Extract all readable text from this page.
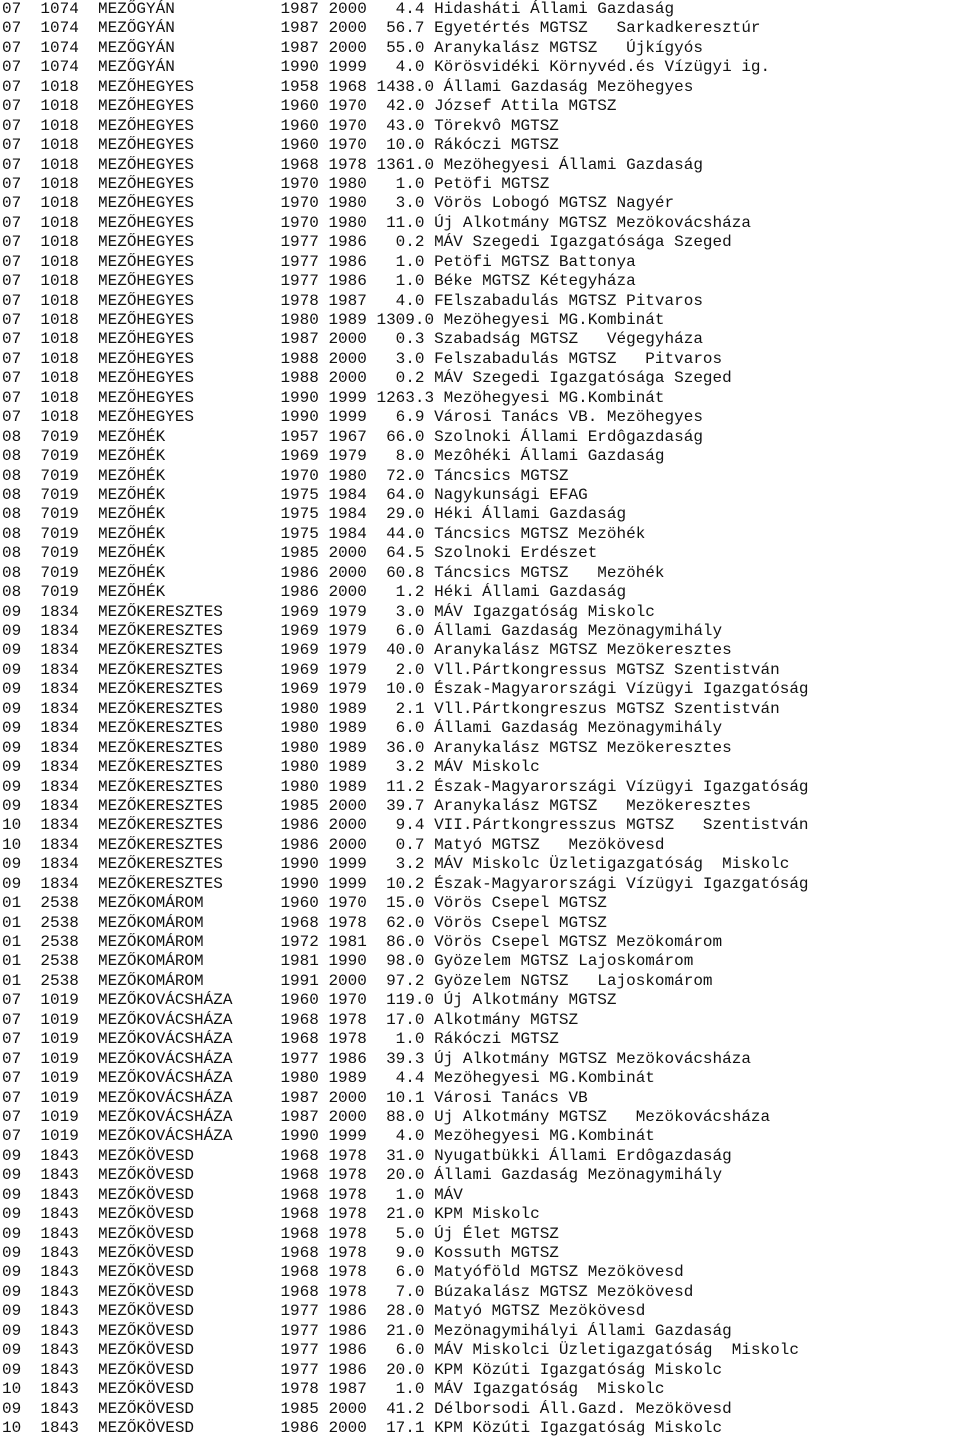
07  1074  MEZŐGYÁN           1987 2000   4.4 Hidasháti Állami Gazdaság
07  1074  MEZŐGYÁN           1987 2000  56.7 Egyetértés MGTSZ   Sarkadkeresztúr
07  1074  MEZŐGYÁN           1987 2000  55.0 Aranykalász MGTSZ   Újkígyós
07  1074  MEZŐGYÁN           1990 1999   4.0 Körösvidéki Környvéd.és Vízügyi ig.
07  1018  MEZŐHEGYES         1958 1968 1438.0 Állami Gazdaság Mezöhegyes
07  1018  MEZŐHEGYES         1960 1970  42.0 József Attila MGTSZ
07  1018  MEZŐHEGYES         1960 1970  43.0 Törekvô MGTSZ
07  1018  MEZŐHEGYES         1960 1970  10.0 Rákóczi MGTSZ
07  1018  MEZŐHEGYES         1968 1978 1361.0 Mezöhegyesi Állami Gazdaság
07  1018  MEZŐHEGYES         1970 1980   1.0 Petöfi MGTSZ
07  1018  MEZŐHEGYES         1970 1980   3.0 Vörös Lobogó MGTSZ Nagyér
07  1018  MEZŐHEGYES         1970 1980  11.0 Új Alkotmány MGTSZ Mezökovácsháza
07  1018  MEZŐHEGYES         1977 1986   0.2 MÁV Szegedi Igazgatósága Szeged
07  1018  MEZŐHEGYES         1977 1986   1.0 Petöfi MGTSZ Battonya
07  1018  MEZŐHEGYES         1977 1986   1.0 Béke MGTSZ Kétegyháza
07  1018  MEZŐHEGYES         1978 1987   4.0 FElszabadulás MGTSZ Pitvaros
07  1018  MEZŐHEGYES         1980 1989 1309.0 Mezöhegyesi MG.Kombinát
07  1018  MEZŐHEGYES         1987 2000   0.3 Szabadság MGTSZ   Végegyháza
07  1018  MEZŐHEGYES         1988 2000   3.0 Felszabadulás MGTSZ   Pitvaros
07  1018  MEZŐHEGYES         1988 2000   0.2 MÁV Szegedi Igazgatósága Szeged
07  1018  MEZŐHEGYES         1990 1999 1263.3 Mezöhegyesi MG.Kombinát
07  1018  MEZŐHEGYES         1990 1999   6.9 Városi Tanács VB. Mezöhegyes
08  7019  MEZŐHÉK            1957 1967  66.0 Szolnoki Állami Erdôgazdaság
08  7019  MEZŐHÉK            1969 1979   8.0 Mezôhéki Állami Gazdaság
08  7019  MEZŐHÉK            1970 1980  72.0 Táncsics MGTSZ
08  7019  MEZŐHÉK            1975 1984  64.0 Nagykunsági EFAG
08  7019  MEZŐHÉK            1975 1984  29.0 Héki Állami Gazdaság
08  7019  MEZŐHÉK            1975 1984  44.0 Táncsics MGTSZ Mezöhék
08  7019  MEZŐHÉK            1985 2000  64.5 Szolnoki Erdészet
08  7019  MEZŐHÉK            1986 2000  60.8 Táncsics MGTSZ   Mezöhék
08  7019  MEZŐHÉK            1986 2000   1.2 Héki Állami Gazdaság
09  1834  MEZŐKERESZTES      1969 1979   3.0 MÁV Igazgatóság Miskolc
09  1834  MEZŐKERESZTES      1969 1979   6.0 Állami Gazdaság Mezönagymihály
09  1834  MEZŐKERESZTES      1969 1979  40.0 Aranykalász MGTSZ Mezökeresztes
09  1834  MEZŐKERESZTES      1969 1979   2.0 Vll.Pártkongressus MGTSZ Szentistván
09  1834  MEZŐKERESZTES      1969 1979  10.0 Észak-Magyarországi Vízügyi Igazgatóság
09  1834  MEZŐKERESZTES      1980 1989   2.1 Vll.Pártkongreszus MGTSZ Szentistván
09  1834  MEZŐKERESZTES      1980 1989   6.0 Állami Gazdaság Mezönagymihály
09  1834  MEZŐKERESZTES      1980 1989  36.0 Aranykalász MGTSZ Mezökeresztes
09  1834  MEZŐKERESZTES      1980 1989   3.2 MÁV Miskolc
09  1834  MEZŐKERESZTES      1980 1989  11.2 Észak-Magyarországi Vízügyi Igazgatóság
09  1834  MEZŐKERESZTES      1985 2000  39.7 Aranykalász MGTSZ   Mezökeresztes
10  1834  MEZŐKERESZTES      1986 2000   9.4 VII.Pártkongresszus MGTSZ   Szentistván
10  1834  MEZŐKERESZTES      1986 2000   0.7 Matyó MGTSZ   Mezökövesd
09  1834  MEZŐKERESZTES      1990 1999   3.2 MÁV Miskolc Üzletigazgatóság  Miskolc
09  1834  MEZŐKERESZTES      1990 1999  10.2 Észak-Magyarországi Vízügyi Igazgatóság
01  2538  MEZŐKOMÁROM        1960 1970  15.0 Vörös Csepel MGTSZ
01  2538  MEZŐKOMÁROM        1968 1978  62.0 Vörös Csepel MGTSZ
01  2538  MEZŐKOMÁROM        1972 1981  86.0 Vörös Csepel MGTSZ Mezökomárom
01  2538  MEZŐKOMÁROM        1981 1990  98.0 Gyözelem MGTSZ Lajoskomárom
01  2538  MEZŐKOMÁROM        1991 2000  97.2 Gyözelem NGTSZ   Lajoskomárom
07  1019  MEZŐKOVÁCSHÁZA     1960 1970  119.0 Új Alkotmány MGTSZ
07  1019  MEZŐKOVÁCSHÁZA     1968 1978  17.0 Alkotmány MGTSZ
07  1019  MEZŐKOVÁCSHÁZA     1968 1978   1.0 Rákóczi MGTSZ
07  1019  MEZŐKOVÁCSHÁZA     1977 1986  39.3 Új Alkotmány MGTSZ Mezökovácsháza
07  1019  MEZŐKOVÁCSHÁZA     1980 1989   4.4 Mezöhegyesi MG.Kombinát
07  1019  MEZŐKOVÁCSHÁZA     1987 2000  10.1 Városi Tanács VB
07  1019  MEZŐKOVÁCSHÁZA     1987 2000  88.0 Uj Alkotmány MGTSZ   Mezökovácsháza
07  1019  MEZŐKOVÁCSHÁZA     1990 1999   4.0 Mezöhegyesi MG.Kombinát
09  1843  MEZŐKÖVESD         1968 1978  31.0 Nyugatbükki Állami Erdôgazdaság
09  1843  MEZŐKÖVESD         1968 1978  20.0 Állami Gazdaság Mezönagymihály
09  1843  MEZŐKÖVESD         1968 1978   1.0 MÁV
09  1843  MEZŐKÖVESD         1968 1978  21.0 KPM Miskolc
09  1843  MEZŐKÖVESD         1968 1978   5.0 Új Élet MGTSZ
09  1843  MEZŐKÖVESD         1968 1978   9.0 Kossuth MGTSZ
09  1843  MEZŐKÖVESD         1968 1978   6.0 Matyóföld MGTSZ Mezökövesd
09  1843  MEZŐKÖVESD         1968 1978   7.0 Búzakalász MGTSZ Mezökövesd
09  1843  MEZŐKÖVESD         1977 1986  28.0 Matyó MGTSZ Mezökövesd
09  1843  MEZŐKÖVESD         1977 1986  21.0 Mezönagymihályi Állami Gazdaság
09  1843  MEZŐKÖVESD         1977 1986   6.0 MÁV Miskolci Üzletigazgatóság  Miskolc
09  1843  MEZŐKÖVESD         1977 1986  20.0 KPM Közúti Igazgatóság Miskolc
10  1843  MEZŐKÖVESD         1978 1987   1.0 MÁV Igazgatóság  Miskolc
09  1843  MEZŐKÖVESD         1985 2000  41.2 Délborsodi Áll.Gazd. Mezökövesd
10  1843  MEZŐKÖVESD         1986 2000  17.1 KPM Közúti Igazgatóság Miskolc
